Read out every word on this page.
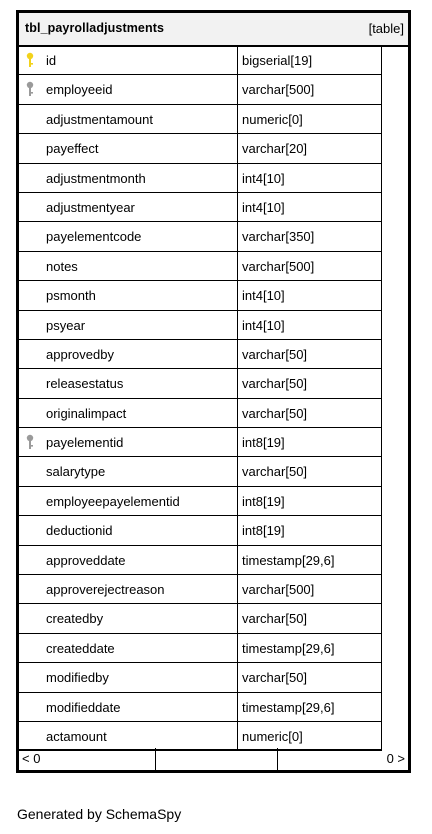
tbl_payrolladjustments	[table]
id	bigserial[19]
employeeid	varchar[500]
adjustmentamount	numeric[0]
payeffect	varchar[20]
adjustmentmonth	int4[10]
adjustmentyear	int4[10]
payelementcode	varchar[350]
notes	varchar[500]
psmonth	int4[10]
psyear	int4[10]
approvedby	varchar[50]
releasestatus	varchar[50]
originalimpact	varchar[50]
payelementid	int8[19]
salarytype	varchar[50]
employeepayelementid	int8[19]
deductionid	int8[19]
approveddate	timestamp[29,6]
approverejectreason	varchar[500]
createdby	varchar[50]
createddate	timestamp[29,6]
modifiedby	varchar[50]
modifieddate	timestamp[29,6]
actamount	numeric[0]
< 0	0 >
Generated by SchemaSpy
